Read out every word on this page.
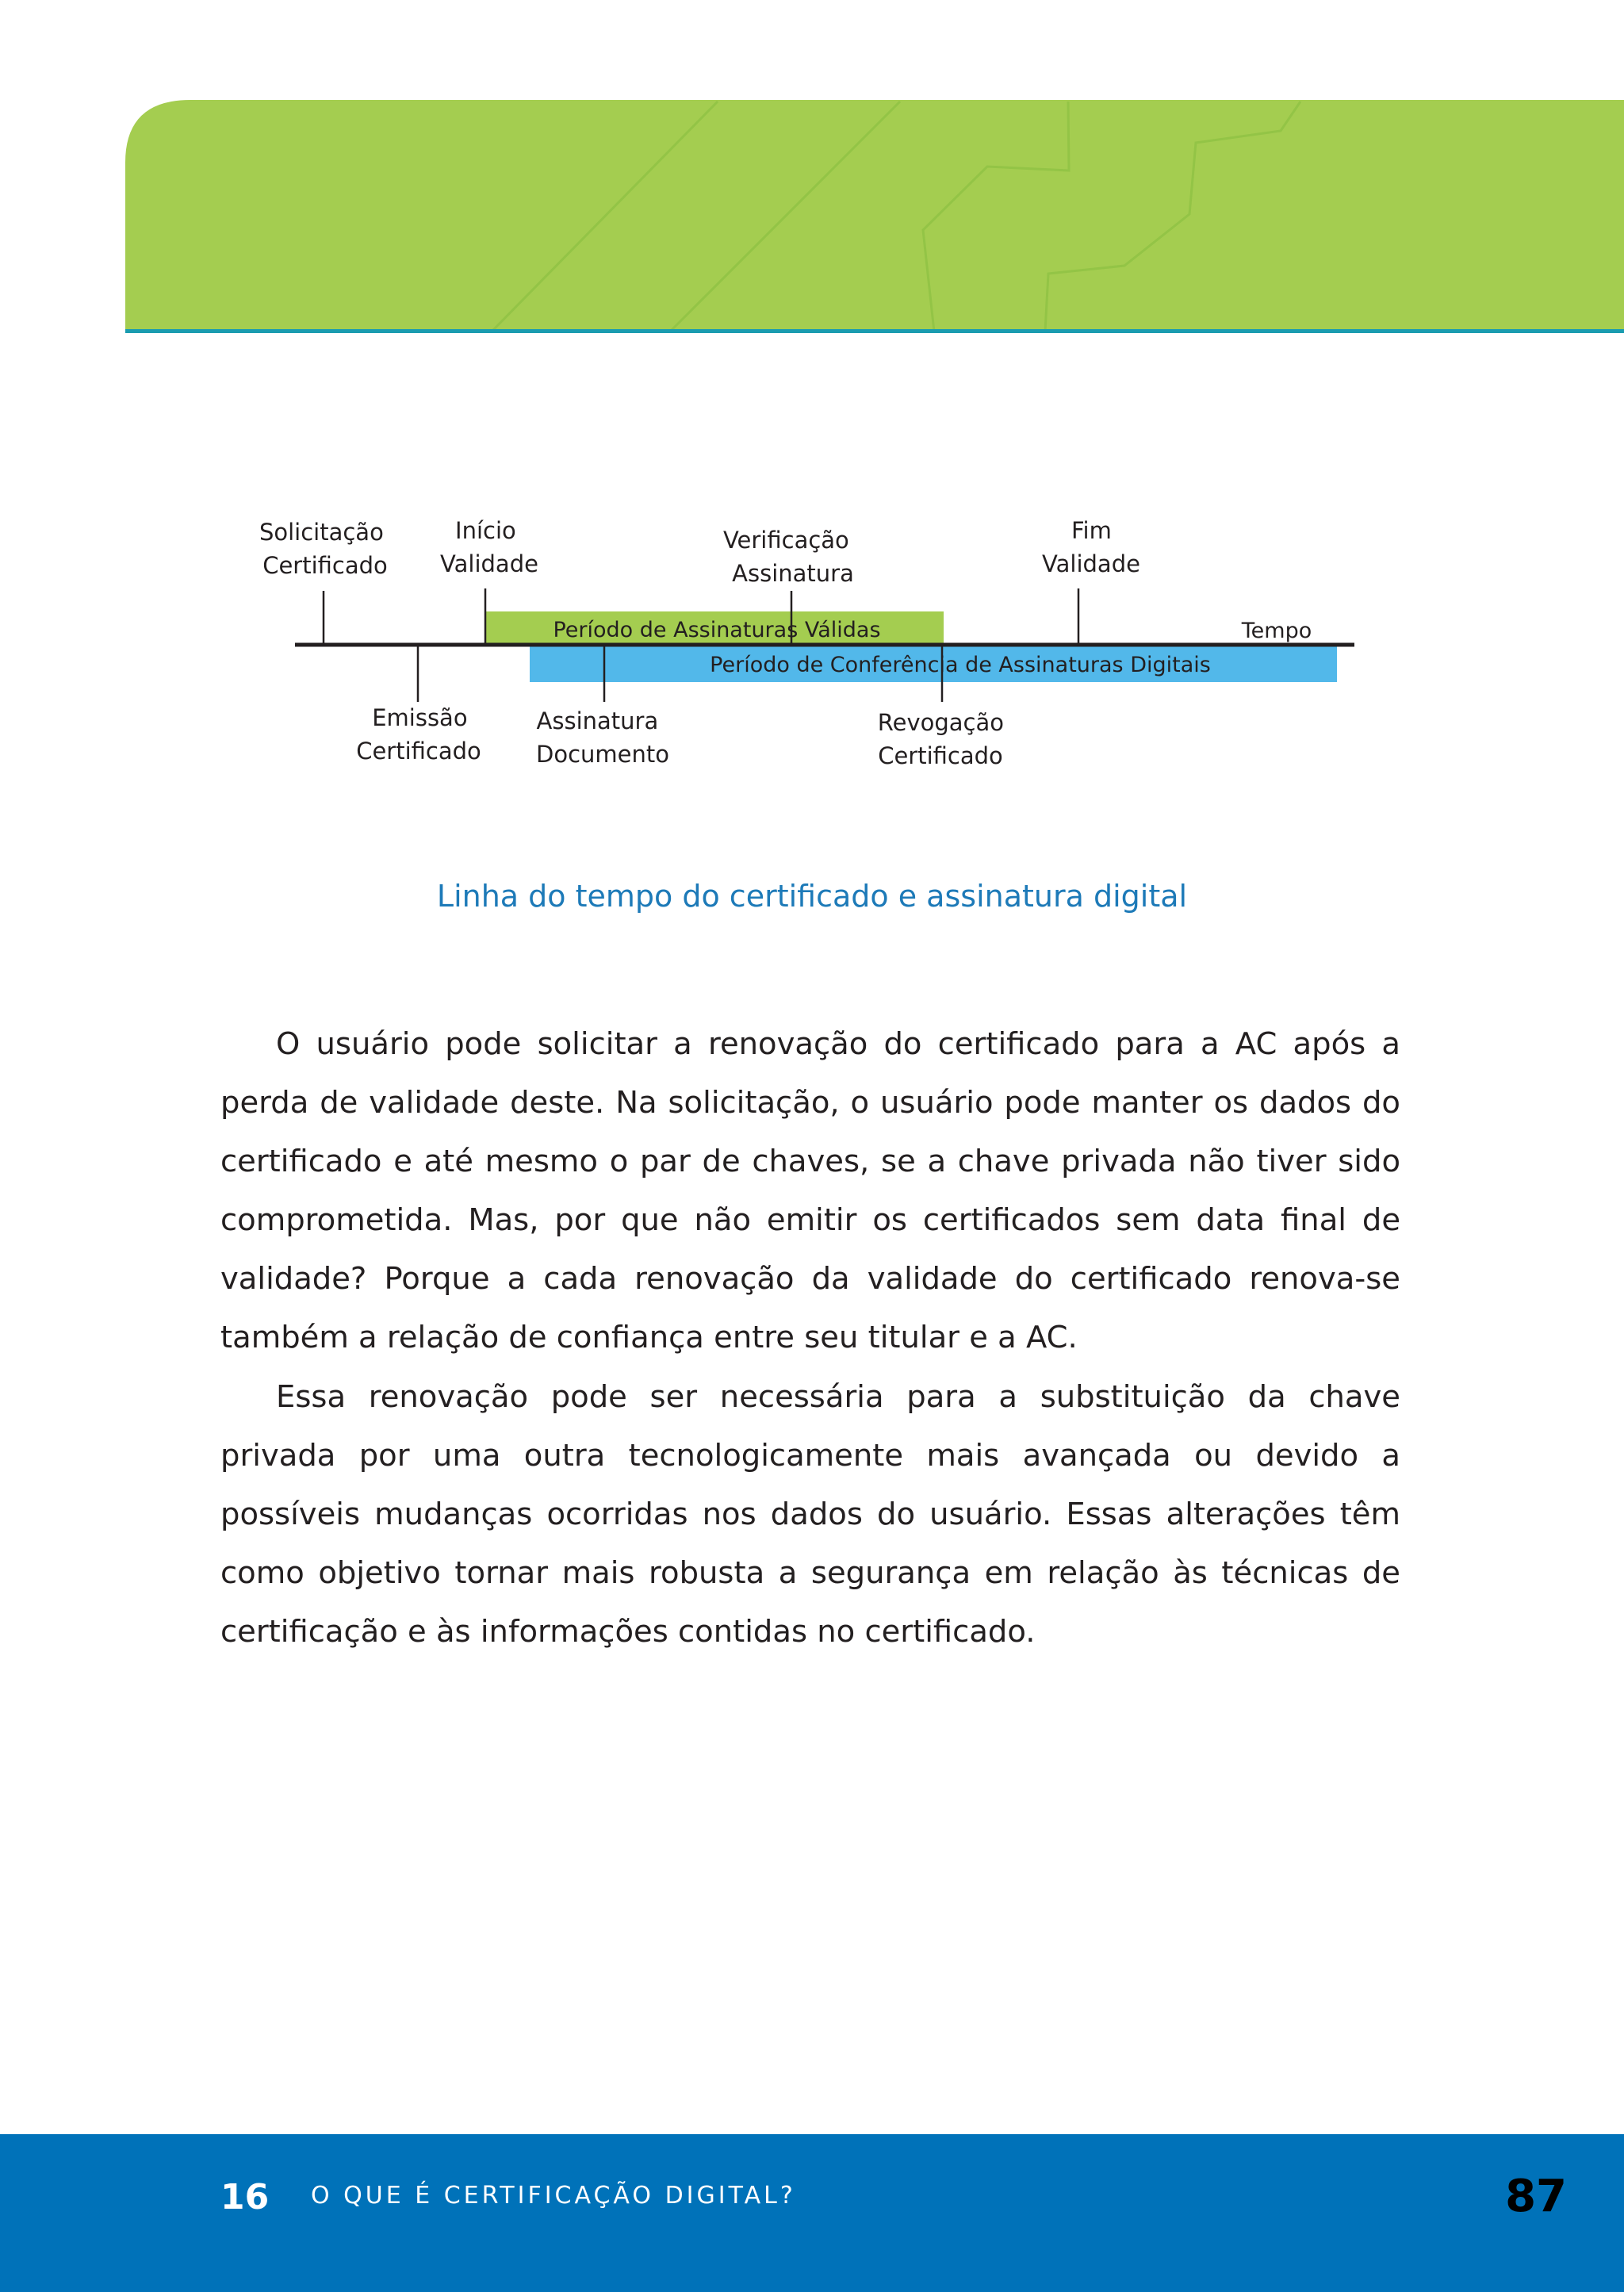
Período de Assinaturas Válidas
Período de Conferência de Assinaturas Digitais
Tempo
Solicitação Certificado
Início Validade
Verificação Assinatura
Fim Validade
Emissão Certificado
Assinatura Documento
Revogação Certificado

Linha do tempo do certificado e assinatura digital

O usuário pode solicitar a renovação do certificado para a AC após a perda de validade deste. Na solicitação, o usuário pode manter os dados do certificado e até mesmo o par de chaves, se a chave privada não tiver sido comprometida. Mas, por que não emitir os certificados sem data final de validade? Porque a cada renovação da validade do certificado renova-se também a relação de confiança entre seu titular e a AC.

Essa renovação pode ser necessária para a substituição da chave privada por uma outra tecnologicamente mais avançada ou devido a possíveis mudanças ocorridas nos dados do usuário. Essas alterações têm como objetivo tornar mais robusta a segurança em relação às técnicas de certificação e às informações contidas no certificado.

16 O QUE É CERTIFICAÇÃO DIGITAL?	87
